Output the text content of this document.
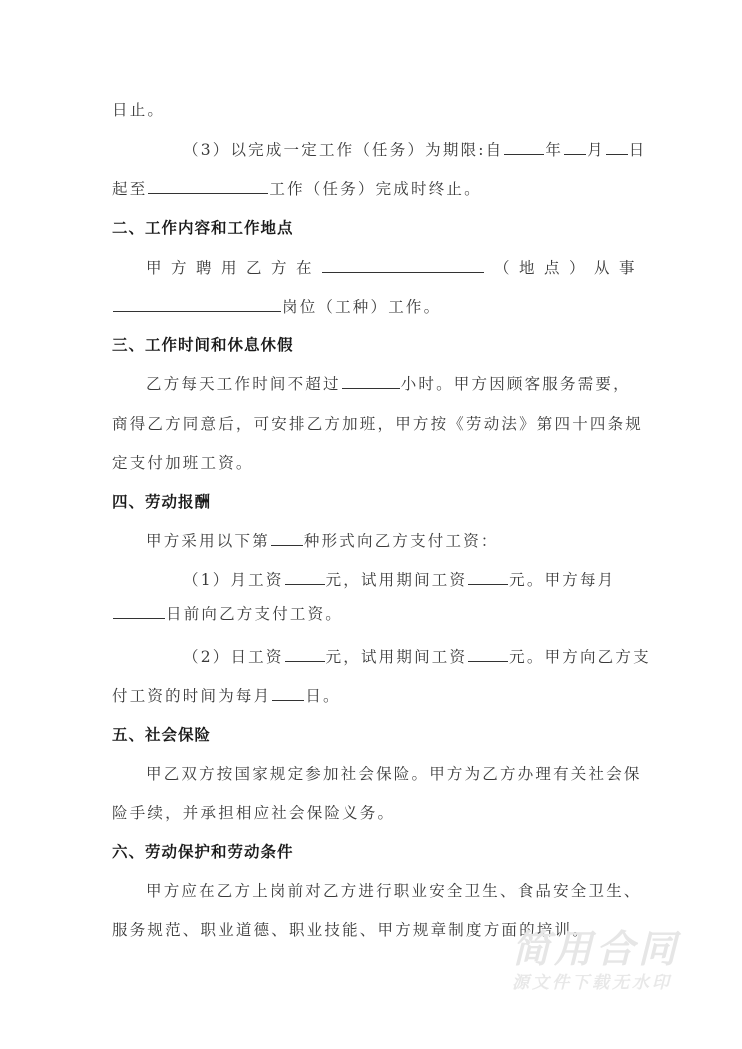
日止。
（3）以完成一定工作（任务）为期限:自	年 月 日
起至	工作（任务）完成时终止。
二、工作内容和工作地点
甲方聘用乙方在	（地点）从事
岗位（工种）工作。
三、工作时间和休息休假
乙方每天工作时间不超过	小时。甲方因顾客服务需要，
商得乙方同意后，可安排乙方加班，甲方按《劳动法》第四十四条规
定支付加班工资。
四、劳动报酬
甲方采用以下第 种形式向乙方支付工资：
（1）月工资	元，试用期间工资	元。甲方每月
日前向乙方支付工资。
（2）日工资	元，试用期间工资	元。甲方向乙方支
付工资的时间为每月 日。
五、社会保险
甲乙双方按国家规定参加社会保险。甲方为乙方办理有关社会保
险手续，并承担相应社会保险义务。
六、劳动保护和劳动条件
甲方应在乙方上岗前对乙方进行职业安全卫生、食品安全卫生、
服务规范、职业道德、职业技能、甲方规章制度方面的培训。
简用合同
源文件下载无水印
